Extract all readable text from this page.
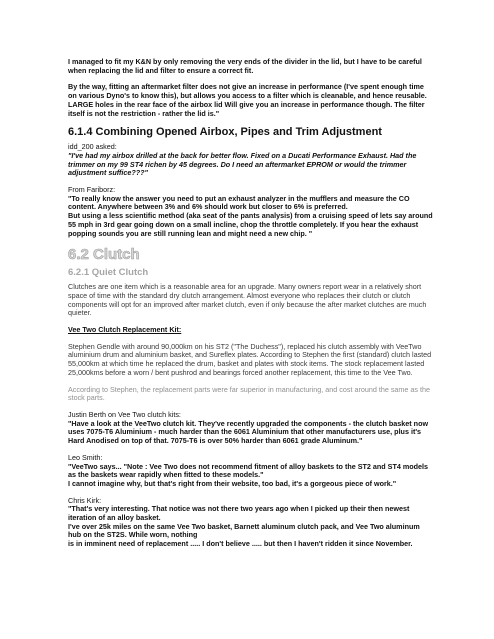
I managed to fit my K&N by only removing the very ends of the divider in the lid, but I have to be careful when replacing the lid and filter to ensure a correct fit.

By the way, fitting an aftermarket filter does not give an increase in performance (I've spent enough time on various Dyno's to know this), but allows you access to a filter which is cleanable, and hence reusable. LARGE holes in the rear face of the airbox lid Will give you an increase in performance though. The filter itself is not the restriction - rather the lid is."

6.1.4 Combining Opened Airbox, Pipes and Trim Adjustment

idd_200 asked:

"I've had my airbox drilled at the back for better flow. Fixed on a Ducati Performance Exhaust. Had the trimmer on my 99 ST4 richen by 45 degrees. Do I need an aftermarket EPROM or would the trimmer adjustment suffice???"

From Fariborz:

"To really know the answer you need to put an exhaust analyzer in the mufflers and measure the CO content. Anywhere between 3% and 6% should work but closer to 6% is preferred.

But using a less scientific method (aka seat of the pants analysis) from a cruising speed of lets say around 55 mph in 3rd gear going down on a small incline, chop the throttle completely. If you hear the exhaust popping sounds you are still running lean and might need a new chip. "

6.2 Clutch
6.2.1 Quiet Clutch

Clutches are one item which is a reasonable area for an upgrade. Many owners report wear in a relatively short space of time with the standard dry clutch arrangement. Almost everyone who replaces their clutch or clutch components will opt for an improved after market clutch, even if only because the after market clutches are much quieter.

Vee Two Clutch Replacement Kit:

Stephen Gendle with around 90,000km on his ST2 ("The Duchess"), replaced his clutch assembly with VeeTwo aluminium drum and aluminium basket, and Sureflex plates. According to Stephen the first (standard) clutch lasted 55,000km at which time he replaced the drum, basket and plates with stock items. The stock replacement lasted 25,000kms before a worn / bent pushrod and bearings forced another replacement, this time to the Vee Two.

According to Stephen, the replacement parts were far superior in manufacturing, and cost around the same as the stock parts.

Justin Berth on Vee Two clutch kits:

"Have a look at the VeeTwo clutch kit. They've recently upgraded the components - the clutch basket now uses 7075-T6 Aluminium - much harder than the 6061 Aluminium that other manufacturers use, plus it's Hard Anodised on top of that. 7075-T6 is over 50% harder than 6061 grade Aluminum."

Leo Smith:

"VeeTwo says... "Note : Vee Two does not recommend fitment of alloy baskets to the ST2 and ST4 models as the baskets wear rapidly when fitted to these models."

I cannot imagine why, but that's right from their website, too bad, it's a gorgeous piece of work."

Chris Kirk:

"That's very interesting. That notice was not there two years ago when I picked up their then newest iteration of an alloy basket.

I've over 25k miles on the same Vee Two basket, Barnett aluminum clutch pack, and Vee Two aluminum hub on the ST2S. While worn, nothing

is in imminent need of replacement ..... I don't believe ..... but then I haven't ridden it since November.
